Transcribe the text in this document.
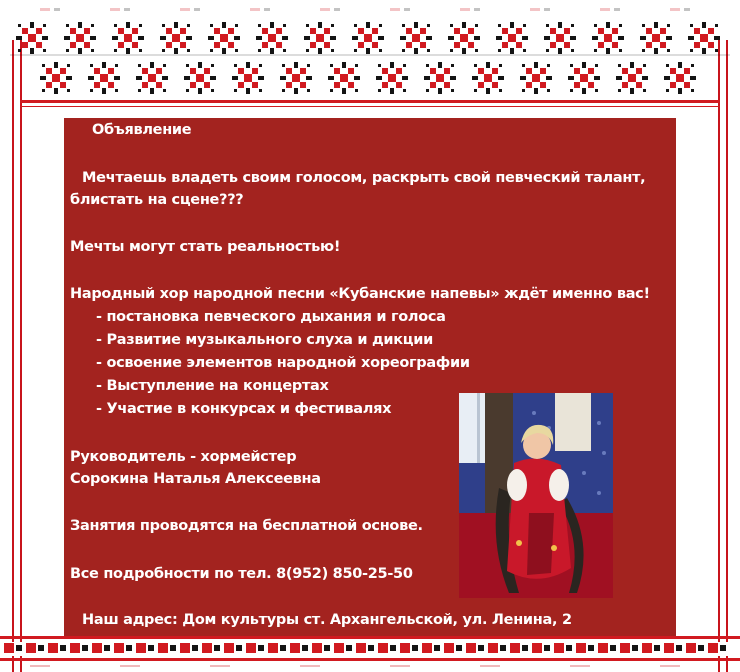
Объявление
Мечтаешь владеть своим голосом, раскрыть свой певческий талант,
блистать на сцене???
Мечты могут стать реальностью!
Народный хор народной песни «Кубанские напевы» ждёт именно вас!
- постановка певческого дыхания и голоса
- Развитие музыкального слуха и дикции
- освоение элементов народной хореографии
- Выступление на концертах
- Участие в конкурсах и фестивалях
Руководитель - хормейстер
Сорокина Наталья Алексеевна
Занятия проводятся на бесплатной основе.
Все подробности по тел. 8(952) 850-25-50
Наш адрес: Дом культуры ст. Архангельской, ул. Ленина, 2
